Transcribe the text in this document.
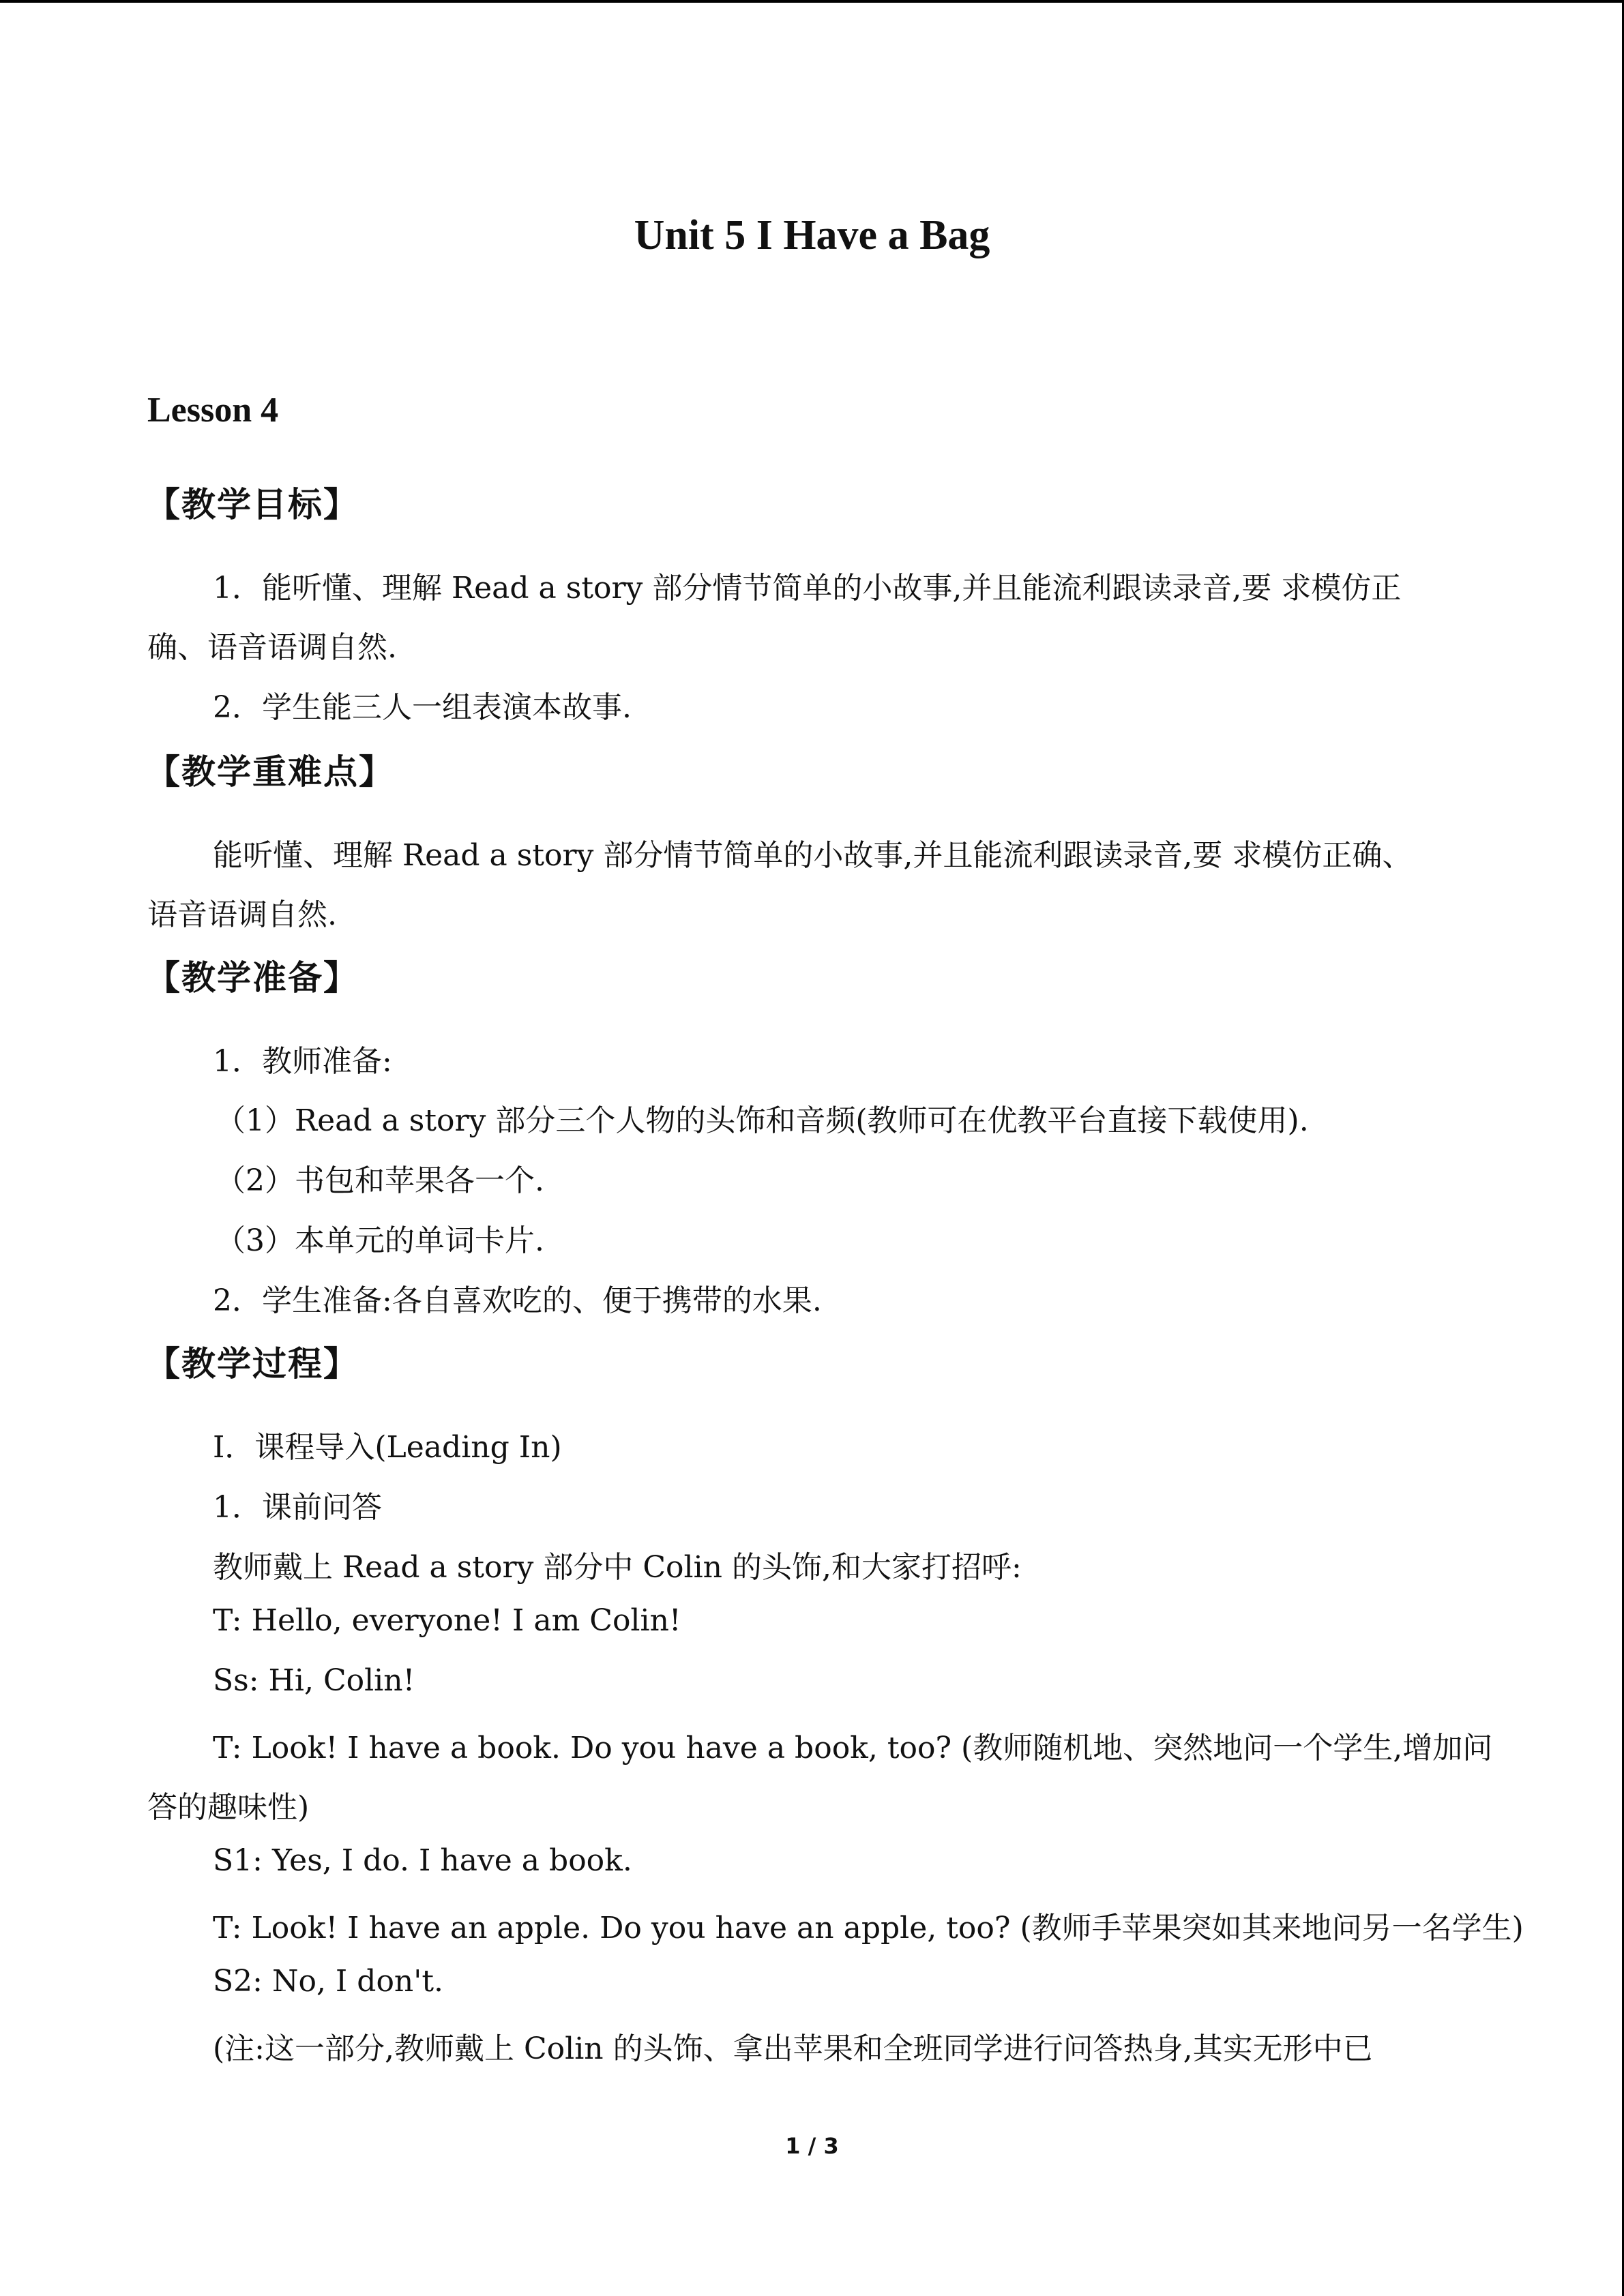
Unit 5 I Have a Bag
Lesson 4
【教学目标】
1．能听懂、理解 Read a story 部分情节简单的小故事,并且能流利跟读录音,要 求模仿正
确、语音语调自然.
2．学生能三人一组表演本故事.
【教学重难点】
能听懂、理解 Read a story 部分情节简单的小故事,并且能流利跟读录音,要 求模仿正确、
语音语调自然.
【教学准备】
1．教师准备:
（1）Read a story 部分三个人物的头饰和音频(教师可在优教平台直接下载使用).
（2）书包和苹果各一个.
（3）本单元的单词卡片.
2．学生准备:各自喜欢吃的、便于携带的水果.
【教学过程】
Ⅰ．课程导入(Leading In)
1．课前问答
教师戴上 Read a story 部分中 Colin 的头饰,和大家打招呼:
T: Hello, everyone! I am Colin!
Ss: Hi, Colin!
T: Look! I have a book. Do you have a book, too? (教师随机地、突然地问一个学生,增加问
答的趣味性)
S1: Yes, I do. I have a book.
T: Look! I have an apple. Do you have an apple, too? (教师手苹果突如其来地问另一名学生)
S2: No, I don't.
(注:这一部分,教师戴上 Colin 的头饰、拿出苹果和全班同学进行问答热身,其实无形中已
1 / 3
